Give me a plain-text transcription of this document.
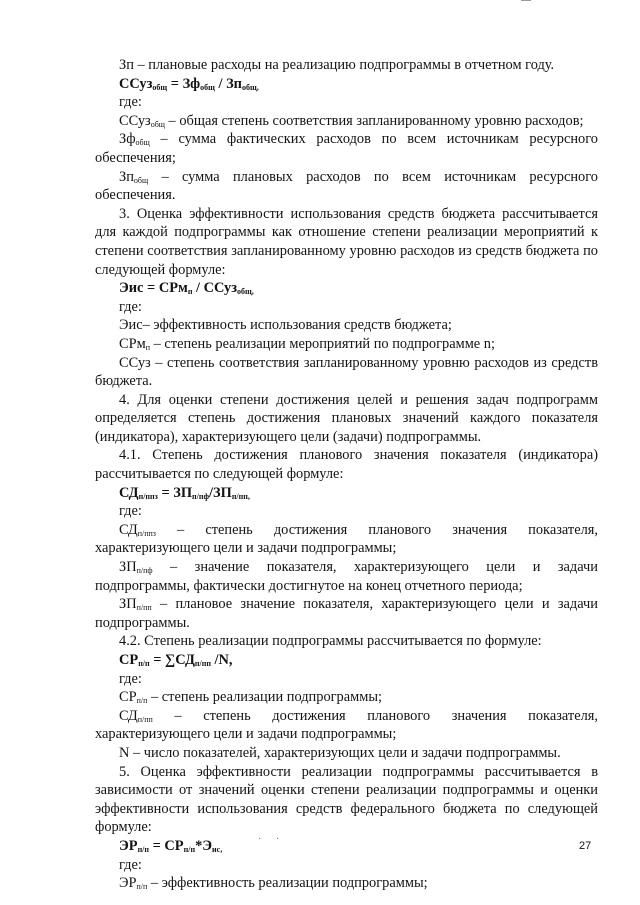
Зп – плановые расходы на реализацию подпрограммы в отчетном году.

ССуз$_{общ}$ = $Зф_{общ} / Зп_{общ,}$

где:

ССуз$_{общ}$ – общая степень соответствия запланированному уровню расходов;

$Зф_{общ}$ – сумма фактических расходов по всем источникам ресурсного обеспечения;

$Зп_{общ}$ – сумма плановых расходов по всем источникам ресурсного обеспечения.

3. Оценка эффективности использования средств бюджета рассчитывается для каждой подпрограммы как отношение степени реализации мероприятий к степени соответствия запланированному уровню расходов из средств бюджета по следующей формуле:

Эис = СРм$_п$ / ССуз$_{общ,}$

где:

Эис– эффективность использования средств бюджета;

СРм$_п$ – степень реализации мероприятий по подпрограмме n;

ССуз – степень соответствия запланированному уровню расходов из средств бюджета.

4. Для оценки степени достижения целей и решения задач подпрограмм определяется степень достижения плановых значений каждого показателя (индикатора), характеризующего цели (задачи) подпрограммы.

4.1. Степень достижения планового значения показателя (индикатора) рассчитывается по следующей формуле:

$СД_{п/ппз} = ЗП_{п/пф}/ЗП_{п/пп,}$

где:

$СД_{п/ппз}$ – степень достижения планового значения показателя, характеризующего цели и задачи подпрограммы;

$ЗП_{п/пф}$ – значение показателя, характеризующего цели и задачи подпрограммы, фактически достигнутое на конец отчетного периода;

$ЗП_{п/пп}$ – плановое значение показателя, характеризующего цели и задачи подпрограммы.

4.2. Степень реализации подпрограммы рассчитывается по формуле:

$СР_{п/п} = \sum СД_{п/пп}$ /N,

где:

$СР_{п/п}$ – степень реализации подпрограммы;

$СД_{п/пп}$ – степень достижения планового значения показателя, характеризующего цели и задачи подпрограммы;

N – число показателей, характеризующих цели и задачи подпрограммы.

5. Оценка эффективности реализации подпрограммы рассчитывается в зависимости от значений оценки степени реализации подпрограммы и оценки эффективности использования средств федерального бюджета по следующей формуле:

$ЭР_{п/п} = СР_{п/п}*Э_{ис,}$

где:

$ЭР_{п/п}$ – эффективность реализации подпрограммы;

· ·
27
